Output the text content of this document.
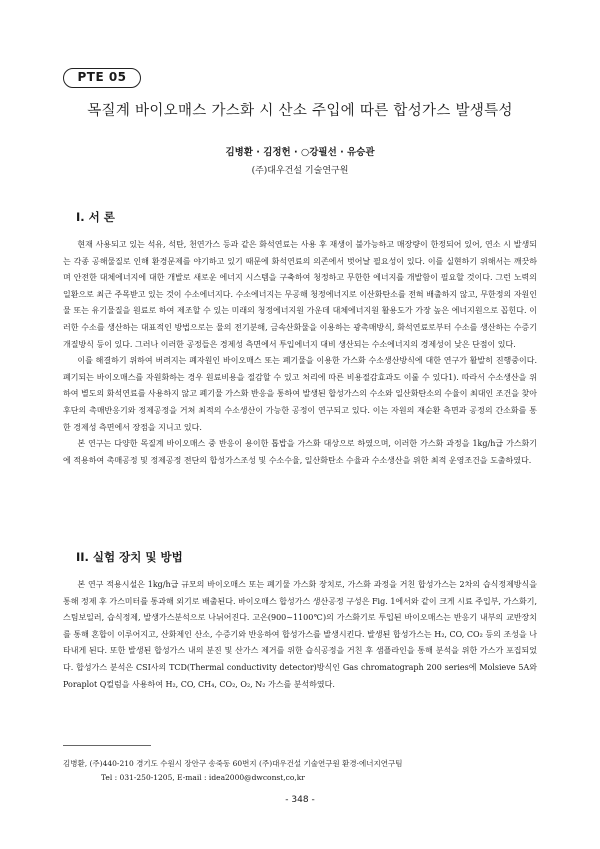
PTE 05
목질계 바이오매스 가스화 시 산소 주입에 따른 합성가스 발생특성
김병환 · 김정헌 · ○강필선 · 유승관
(주)대우건설 기술연구원
I. 서 론

현재 사용되고 있는 석유, 석탄, 천연가스 등과 같은 화석연료는 사용 후 재생이 불가능하고 매장량이 한정되어 있어, 연소 시 발생되는 각종 공해물질로 인해 환경문제를 야기하고 있기 때문에 화석연료의 의존에서 벗어날 필요성이 있다. 이를 실현하기 위해서는 깨끗하며 안전한 대체에너지에 대한 개발로 새로운 에너지 시스템을 구축하여 청정하고 무한한 에너지를 개발함이 필요할 것이다. 그런 노력의 일환으로 최근 주목받고 있는 것이 수소에너지다. 수소에너지는 무공해 청정에너지로 이산화탄소를 전혀 배출하지 않고, 무한정의 자원인 물 또는 유기물질을 원료로 하여 제조할 수 있는 미래의 청정에너지원 가운데 대체에너지원 활용도가 가장 높은 에너지원으로 꼽힌다. 이러한 수소를 생산하는 대표적인 방법으로는 물의 전기분해, 금속산화물을 이용하는 광촉매방식, 화석연료로부터 수소를 생산하는 수증기 개질방식 등이 있다. 그러나 이러한 공정들은 경제성 측면에서 투입에너지 대비 생산되는 수소에너지의 경제성이 낮은 단점이 있다.

이를 해결하기 위하여 버려지는 폐자원인 바이오매스 또는 폐기물을 이용한 가스화 수소생산방식에 대한 연구가 활발히 진행중이다. 폐기되는 바이오매스를 자원화하는 경우 원료비용을 절감할 수 있고 처리에 따른 비용절감효과도 이룰 수 있다1). 따라서 수소생산을 위하여 별도의 화석연료를 사용하지 않고 폐기물 가스화 반응을 통하여 발생된 합성가스의 수소와 일산화탄소의 수율이 최대인 조건을 찾아 후단의 촉매반응기와 정제공정을 거쳐 최적의 수소생산이 가능한 공정이 연구되고 있다. 이는 자원의 재순환 측면과 공정의 간소화를 통한 경제성 측면에서 장점을 지니고 있다.

본 연구는 다양한 목질계 바이오매스 중 반응이 용이한 톱밥을 가스화 대상으로 하였으며, 이러한 가스화 과정을 1kg/h급 가스화기에 적용하여 촉매공정 및 정제공정 전단의 합성가스조성 및 수소수율, 일산화탄소 수율과 수소생산을 위한 최적 운영조건을 도출하였다.

II. 실험 장치 및 방법

본 연구 적용시설은 1kg/h급 규모의 바이오매스 또는 폐기물 가스화 장치로, 가스화 과정을 거친 합성가스는 2차의 습식정제방식을 통해 정제 후 가스미터를 통과해 외기로 배출된다. 바이오매스 합성가스 생산공정 구성은 Fig. 1에서와 같이 크게 시료 주입부, 가스화기, 스팀보일러, 습식정제, 발생가스분석으로 나뉘어진다. 고온(900~1100℃)의 가스화기로 투입된 바이오매스는 반응기 내부의 교반장치를 통해 혼합이 이루어지고, 산화제인 산소, 수증기와 반응하여 합성가스를 발생시킨다. 발생된 합성가스는 H₂, CO, CO₂ 등의 조성을 나타내게 된다. 또한 발생된 합성가스 내의 분진 및 산가스 제거를 위한 습식공정을 거친 후 샘플라인을 통해 분석을 위한 가스가 포집되었다. 합성가스 분석은 CSI사의 TCD(Thermal conductivity detector)방식인 Gas chromatograph 200 series에 Molsieve 5A와 Poraplot Q컬럼을 사용하여 H₂, CO, CH₄, CO₂, O₂, N₂ 가스를 분석하였다.

김병환, (주)440-210 경기도 수원시 장안구 송죽동 60번지 (주)대우건설 기술연구원 환경·에너지연구팀
Tel : 031-250-1205, E-mail : idea2000@dwconst,co,kr
- 348 -
